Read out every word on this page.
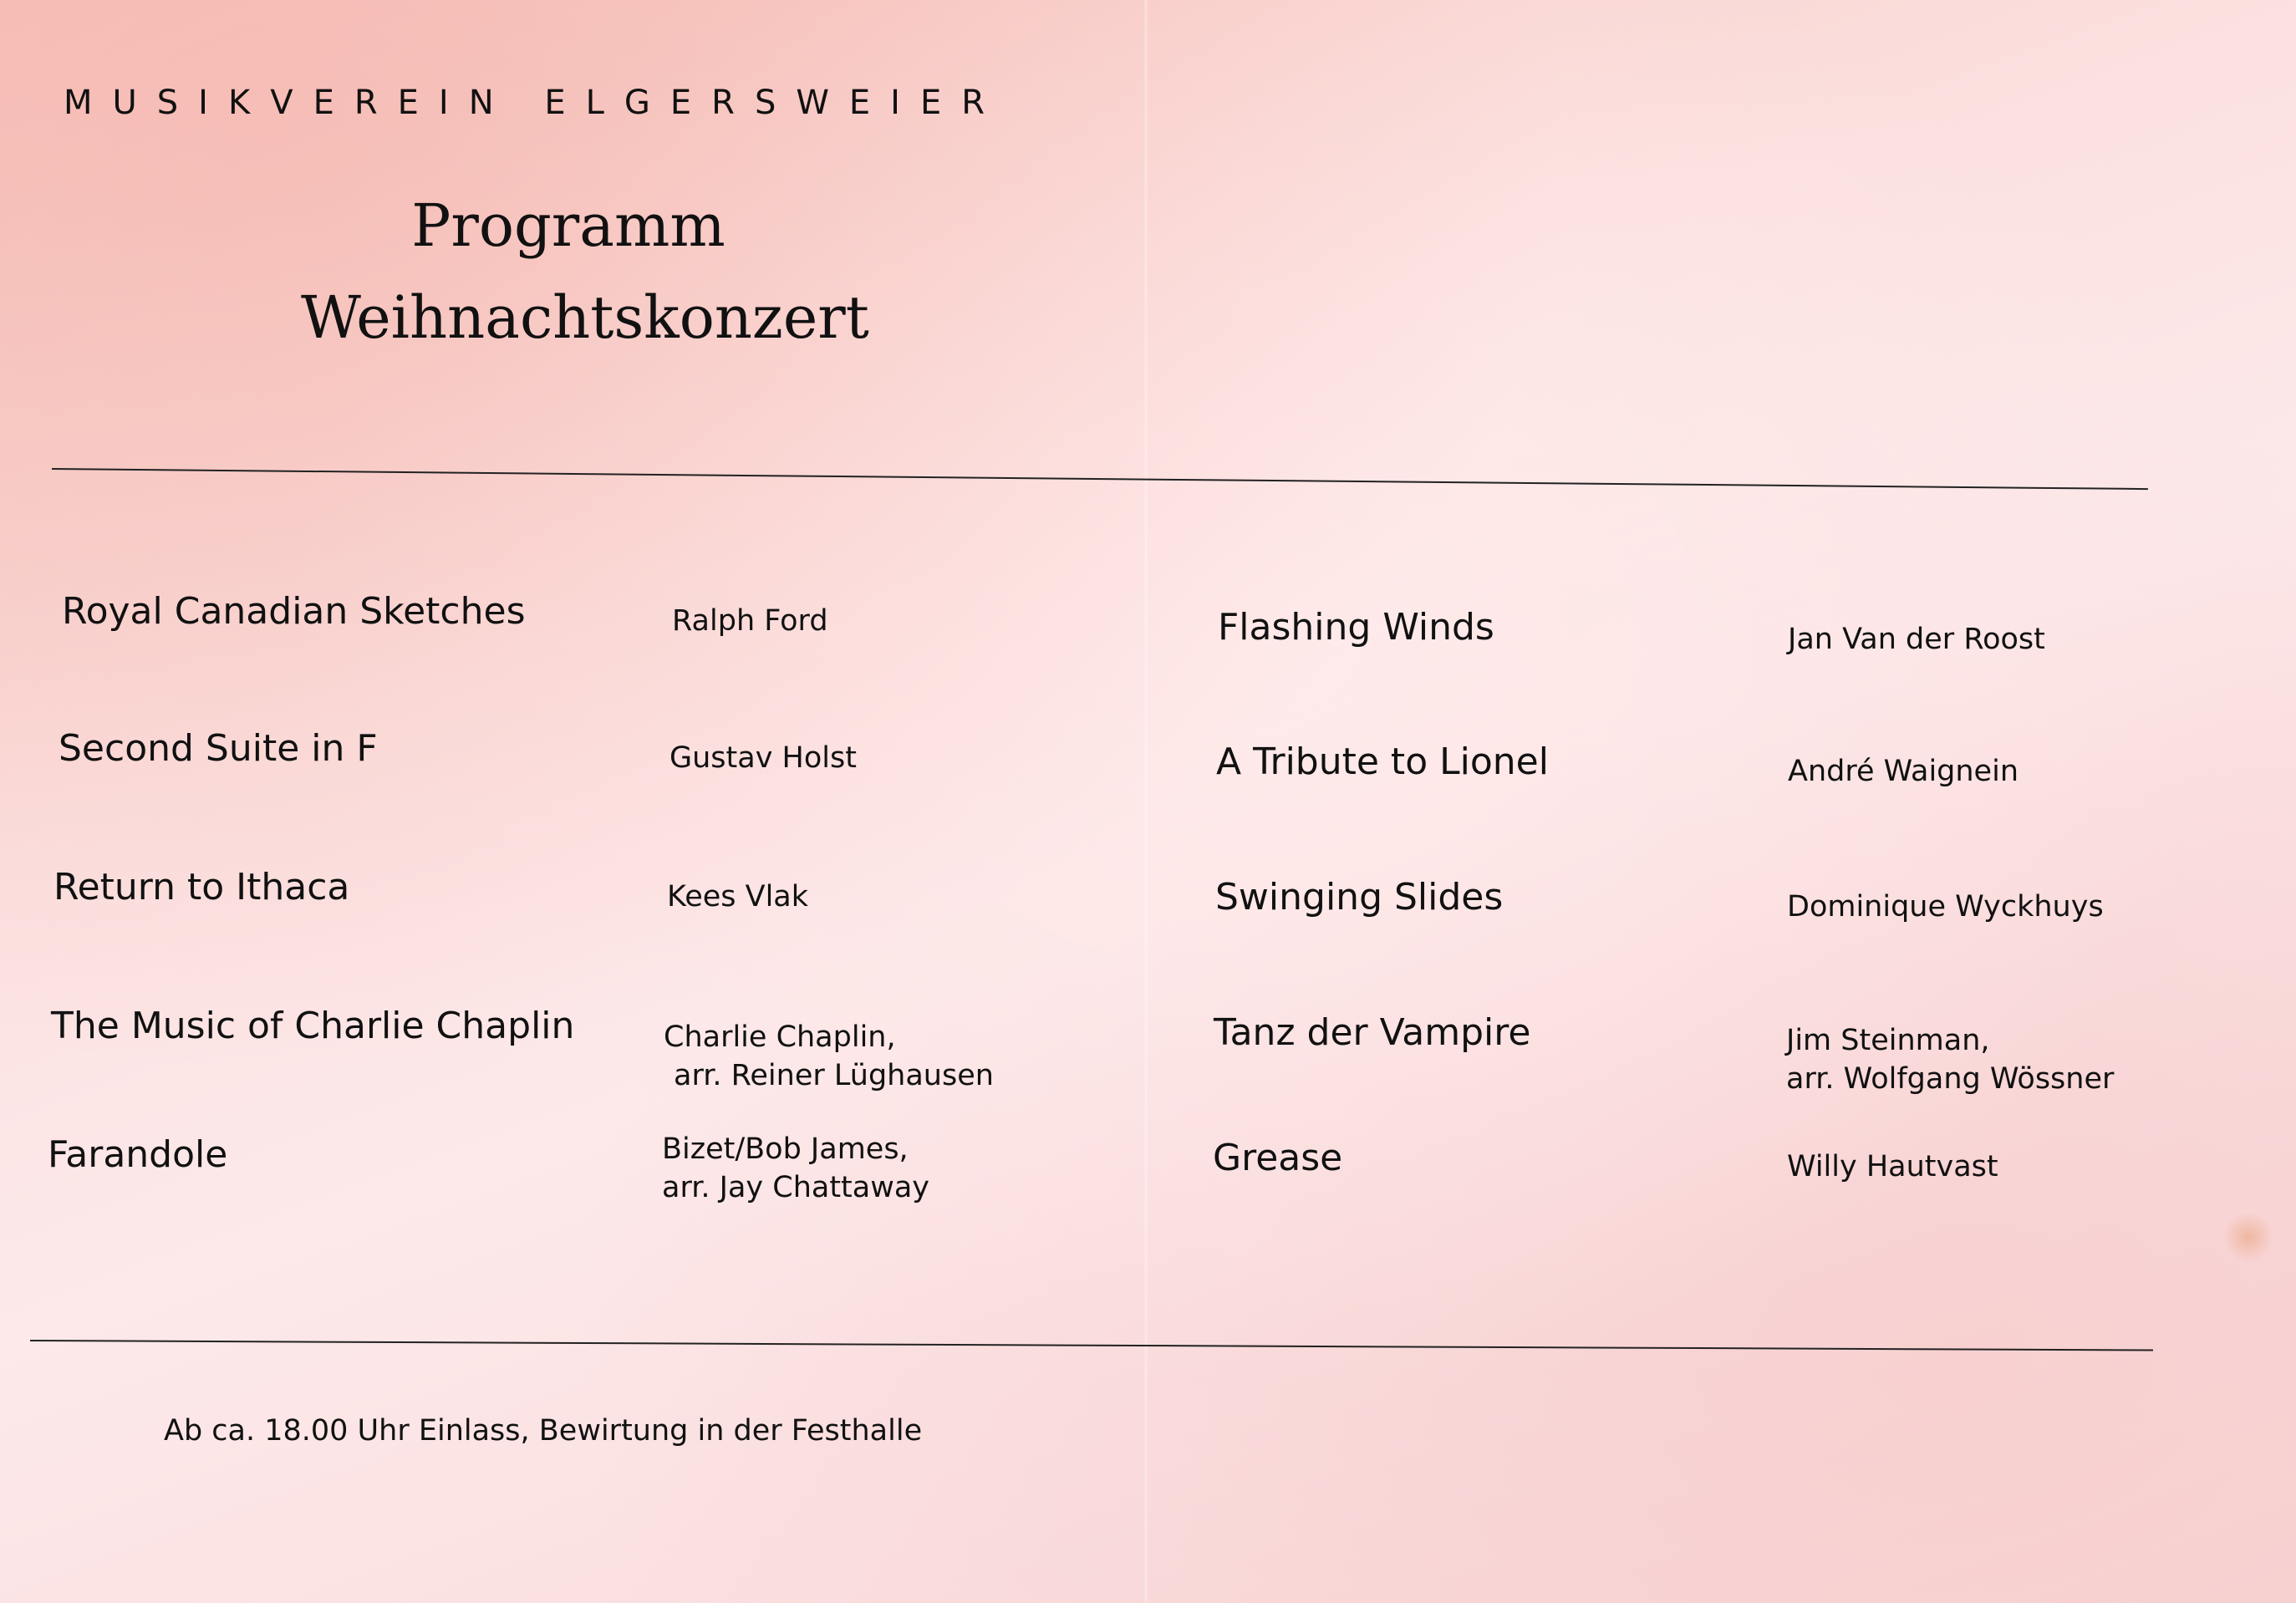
MUSIKVEREIN ELGERSWEIER
Programm
Weihnachtskonzert
Royal Canadian Sketches	Ralph Ford
Second Suite in F	Gustav Holst
Return to Ithaca	Kees Vlak
The Music of Charlie Chaplin	Charlie Chaplin,
arr. Reiner Lüghausen
Farandole	Bizet/Bob James,
arr. Jay Chattaway
Flashing Winds	Jan Van der Roost
A Tribute to Lionel	André Waignein
Swinging Slides	Dominique Wyckhuys
Tanz der Vampire	Jim Steinman,
arr. Wolfgang Wössner
Grease	Willy Hautvast
Ab ca. 18.00 Uhr Einlass, Bewirtung in der Festhalle
